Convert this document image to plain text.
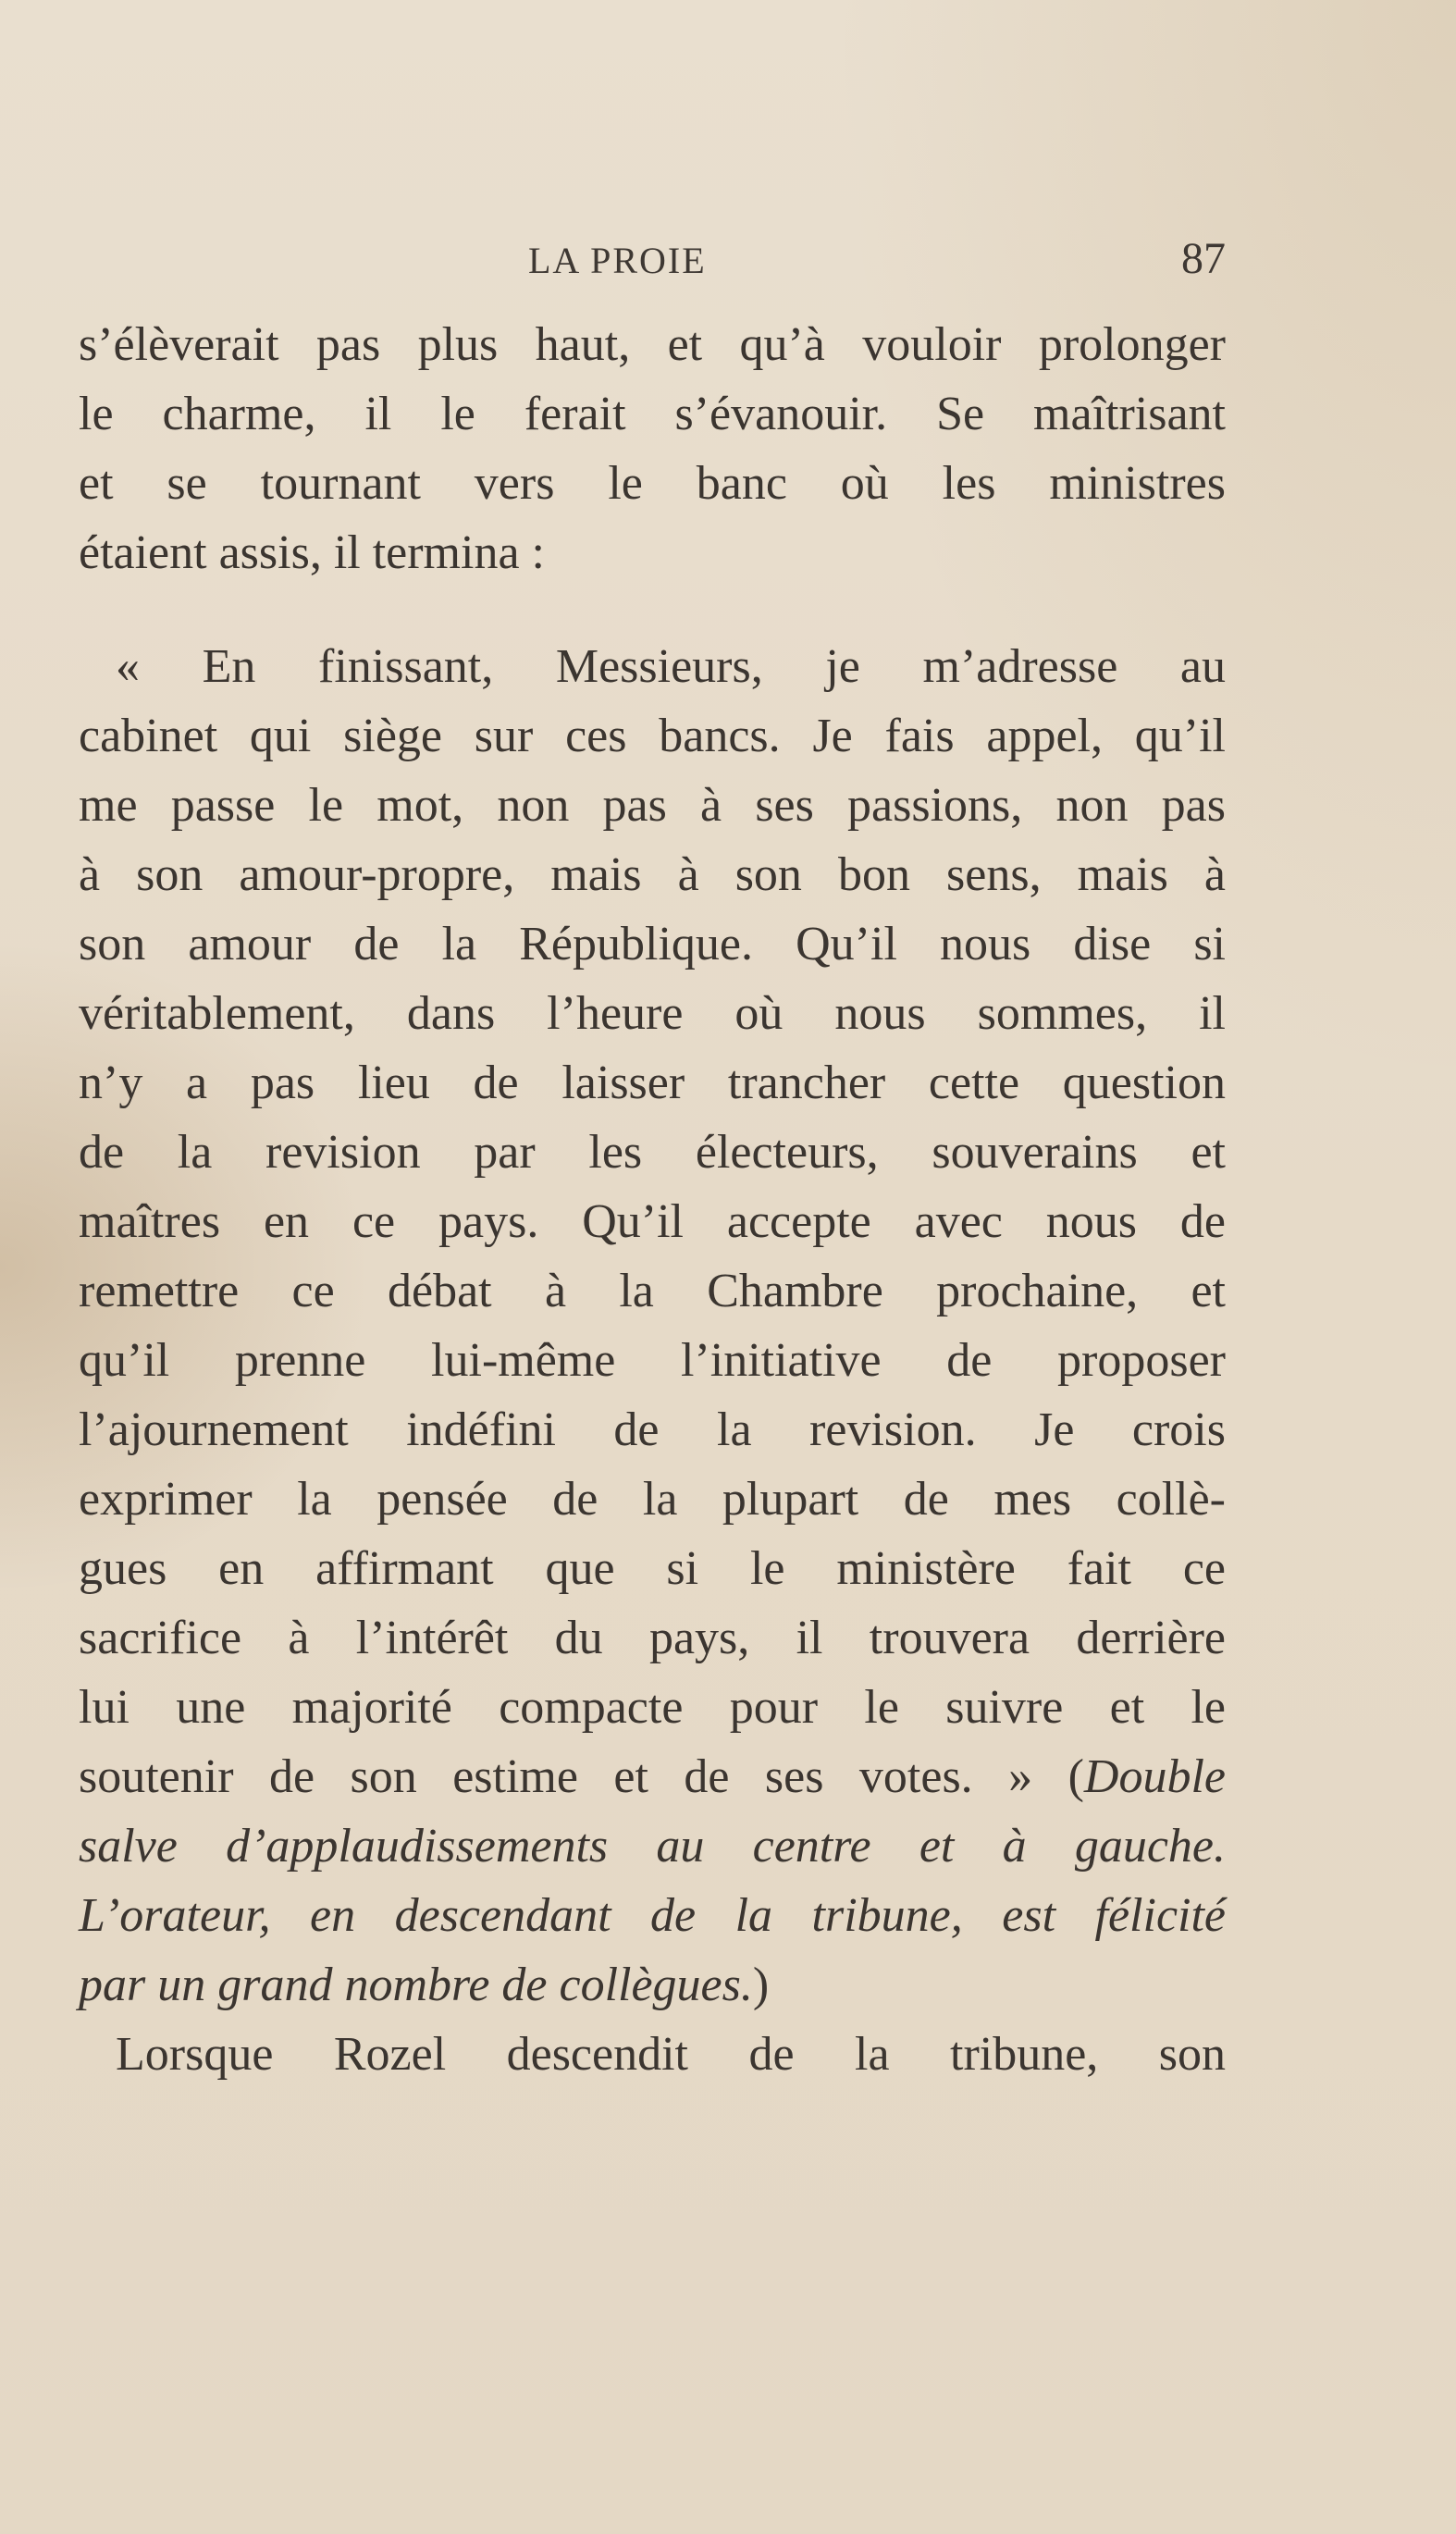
LA PROIE	87
s’élèverait pas plus haut, et qu’à vouloir prolonger
le charme, il le ferait s’évanouir. Se maîtrisant
et se tournant vers le banc où les ministres
étaient assis, il termina :
« En finissant, Messieurs, je m’adresse au
cabinet qui siège sur ces bancs. Je fais appel, qu’il
me passe le mot, non pas à ses passions, non pas
à son amour-propre, mais à son bon sens, mais à
son amour de la République. Qu’il nous dise si
véritablement, dans l’heure où nous sommes, il
n’y a pas lieu de laisser trancher cette question
de la revision par les électeurs, souverains et
maîtres en ce pays. Qu’il accepte avec nous de
remettre ce débat à la Chambre prochaine, et
qu’il prenne lui-même l’initiative de proposer
l’ajournement indéfini de la revision. Je crois
exprimer la pensée de la plupart de mes collè-
gues en affirmant que si le ministère fait ce
sacrifice à l’intérêt du pays, il trouvera derrière
lui une majorité compacte pour le suivre et le
soutenir de son estime et de ses votes. » (Double
salve d’applaudissements au centre et à gauche.
L’orateur, en descendant de la tribune, est félicité
par un grand nombre de collègues.)
Lorsque Rozel descendit de la tribune, son
